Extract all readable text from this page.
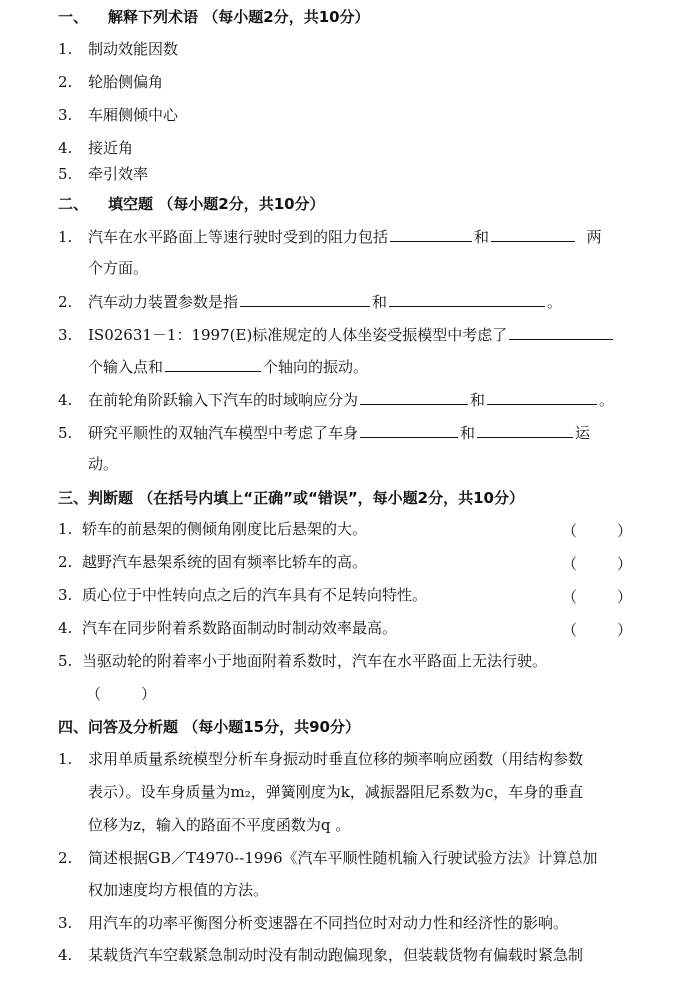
一、 解释下列术语 （每小题2分，共10分）
1. 制动效能因数
2. 轮胎侧偏角
3. 车厢侧倾中心
4. 接近角
5. 牵引效率
二、 填空题 （每小题2分，共10分）
1. 汽车在水平路面上等速行驶时受到的阻力包括	和	两
个方面。
2. 汽车动力装置参数是指	和	。
3. IS02631－1：1997(E)标准规定的人体坐姿受振模型中考虑了
个输入点和	个轴向的振动。
4. 在前轮角阶跃输入下汽车的时域响应分为	和	。
5. 研究平顺性的双轴汽车模型中考虑了车身	和	运
动。
三、判断题 （在括号内填上“正确”或“错误”，每小题2分，共10分）
1. 轿车的前悬架的侧倾角刚度比后悬架的大。	（	）
2. 越野汽车悬架系统的固有频率比轿车的高。	（	）
3. 质心位于中性转向点之后的汽车具有不足转向特性。	（	）
4. 汽车在同步附着系数路面制动时制动效率最高。	（	）
5. 当驱动轮的附着率小于地面附着系数时，汽车在水平路面上无法行驶。
（	）
四、问答及分析题 （每小题15分，共90分）
1. 求用单质量系统模型分析车身振动时垂直位移的频率响应函数（用结构参数
表示）。设车身质量为m₂，弹簧刚度为k，减振器阻尼系数为c，车身的垂直
位移为z，输入的路面不平度函数为q 。
2. 简述根据GB／T4970--1996《汽车平顺性随机输入行驶试验方法》计算总加
权加速度均方根值的方法。
3. 用汽车的功率平衡图分析变速器在不同挡位时对动力性和经济性的影响。
4. 某载货汽车空载紧急制动时没有制动跑偏现象，但装载货物有偏载时紧急制
